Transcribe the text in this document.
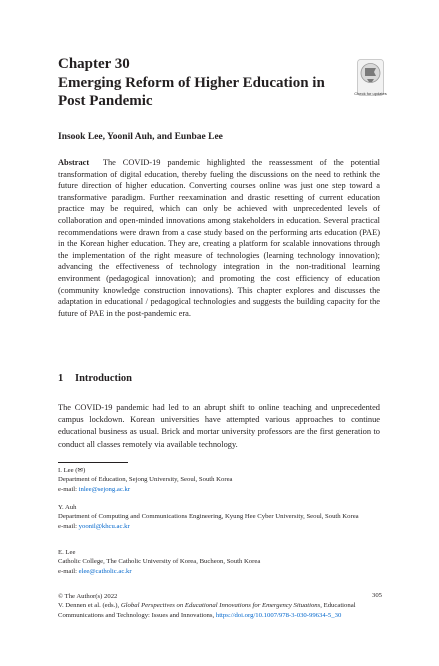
Chapter 30
Emerging Reform of Higher Education in Post Pandemic	Check for updates
Insook Lee, Yoonil Auh, and Eunbae Lee
Abstract The COVID-19 pandemic highlighted the reassessment of the potential transformation of digital education, thereby fueling the discussions on the need to rethink the future direction of higher education. Converting courses online was just one step toward a transformative paradigm. Further reexamination and drastic resetting of current education practice may be required, which can only be achieved with unprecedented levels of collaboration and open-minded innovations among stakeholders in education. Several practical recommendations were drawn from a case study based on the performing arts education (PAE) in the Korean higher education. They are, creating a platform for scalable innovations through the implementation of the right measure of technologies (learning technology innovation); advancing the effectiveness of technology integration in the non-traditional learning environment (pedagogical innovation); and promoting the cost efficiency of education (community knowledge construction innovations). This chapter explores and discusses the adaptation in educational / pedagogical technologies and suggests the building capacity for the future of PAE in the post-pandemic era.
1 Introduction
The COVID-19 pandemic had led to an abrupt shift to online teaching and unprecedented campus lockdown. Korean universities have attempted various approaches to continue educational business as usual. Brick and mortar university professors are the first generation to conduct all classes remotely via available technology.
I. Lee (✉)
Department of Education, Sejong University, Seoul, South Korea
e-mail: inlee@sejong.ac.kr
Y. Auh
Department of Computing and Communications Engineering, Kyung Hee Cyber University, Seoul, South Korea
e-mail: yoonil@khcu.ac.kr
E. Lee
Catholic College, The Catholic University of Korea, Bucheon, South Korea
e-mail: elee@catholic.ac.kr
© The Author(s) 2022
V. Dennen et al. (eds.), Global Perspectives on Educational Innovations for Emergency Situations, Educational Communications and Technology: Issues and Innovations, https://doi.org/10.1007/978-3-030-99634-5_30
305
